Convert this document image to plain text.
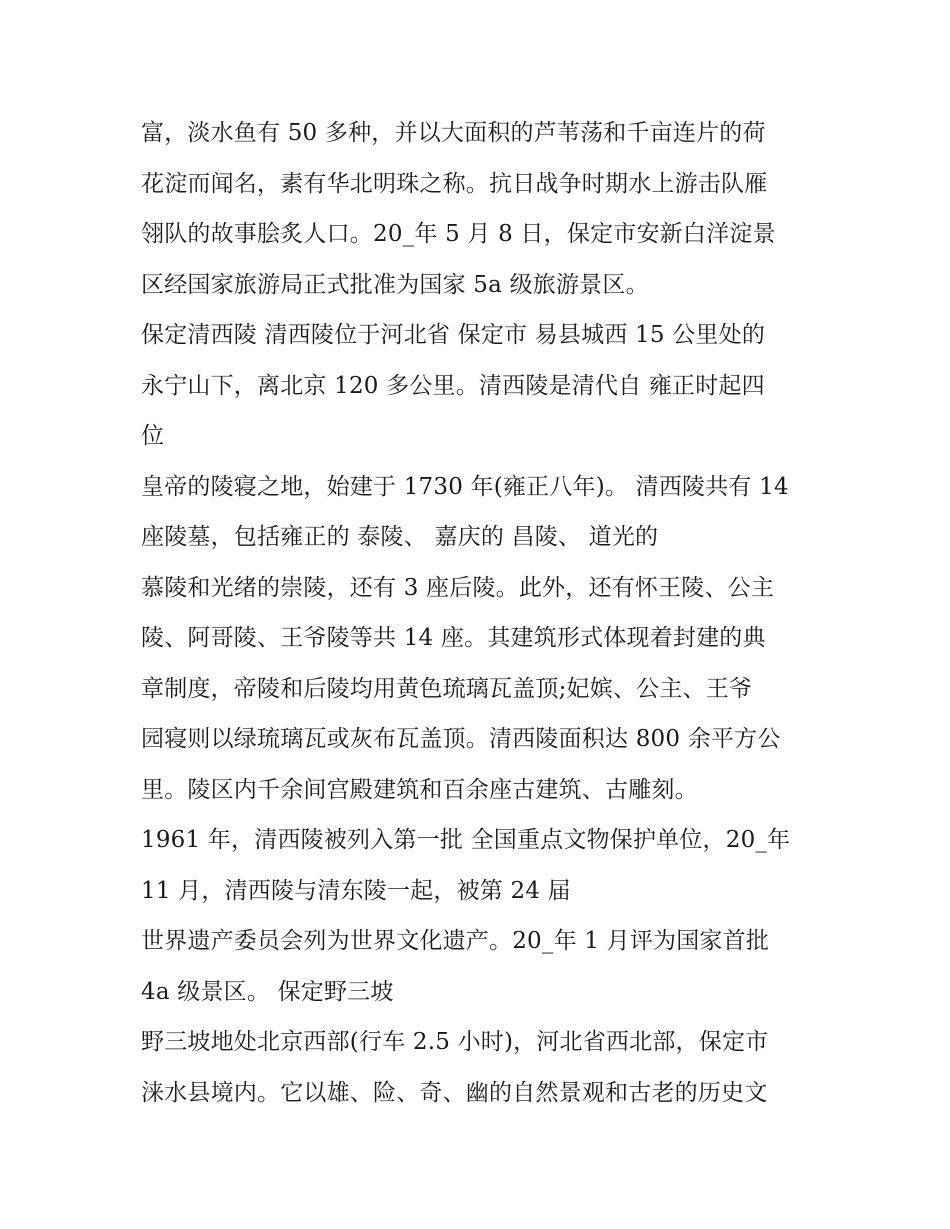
富，淡水鱼有 50 多种，并以大面积的芦苇荡和千亩连片的荷
花淀而闻名，素有华北明珠之称。抗日战争时期水上游击队雁
翎队的故事脍炙人口。20_年 5 月 8 日，保定市安新白洋淀景
区经国家旅游局正式批准为国家 5a 级旅游景区。
保定清西陵 清西陵位于河北省 保定市 易县城西 15 公里处的
永宁山下，离北京 120 多公里。清西陵是清代自 雍正时起四
位
皇帝的陵寝之地，始建于 1730 年(雍正八年)。 清西陵共有 14
座陵墓，包括雍正的 泰陵、 嘉庆的 昌陵、 道光的
慕陵和光绪的崇陵，还有 3 座后陵。此外，还有怀王陵、公主
陵、阿哥陵、王爷陵等共 14 座。其建筑形式体现着封建的典
章制度，帝陵和后陵均用黄色琉璃瓦盖顶;妃嫔、公主、王爷
园寝则以绿琉璃瓦或灰布瓦盖顶。清西陵面积达 800 余平方公
里。陵区内千余间宫殿建筑和百余座古建筑、古雕刻。
1961 年，清西陵被列入第一批 全国重点文物保护单位，20_年
11 月，清西陵与清东陵一起，被第 24 届
世界遗产委员会列为世界文化遗产。20_年 1 月评为国家首批
4a 级景区。 保定野三坡
野三坡地处北京西部(行车 2.5 小时)，河北省西北部，保定市
涞水县境内。它以雄、险、奇、幽的自然景观和古老的历史文
